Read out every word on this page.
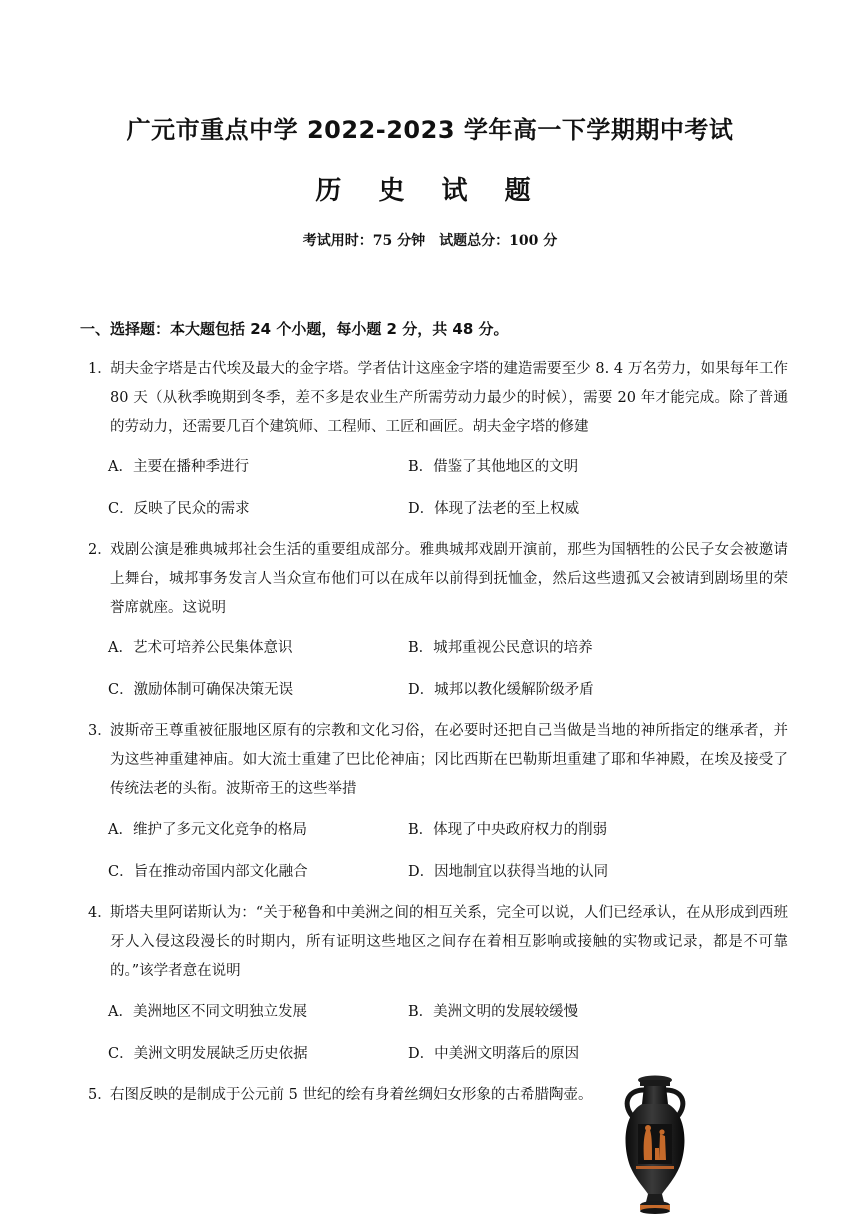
广元市重点中学 2022-2023 学年高一下学期期中考试
历 史 试 题
考试用时：75 分钟　试题总分：100 分
一、选择题：本大题包括 24 个小题，每小题 2 分，共 48 分。
1．
胡夫金字塔是古代埃及最大的金字塔。学者估计这座金字塔的建造需要至少 8. 4 万名劳力，如果每年工作 80 天（从秋季晚期到冬季，差不多是农业生产所需劳动力最少的时候），需要 20 年才能完成。除了普通的劳动力，还需要几百个建筑师、工程师、工匠和画匠。胡夫金字塔的修建
A．主要在播种季进行	B．借鉴了其他地区的文明
C．反映了民众的需求	D．体现了法老的至上权威
2．
戏剧公演是雅典城邦社会生活的重要组成部分。雅典城邦戏剧开演前，那些为国牺牲的公民子女会被邀请上舞台，城邦事务发言人当众宣布他们可以在成年以前得到抚恤金，然后这些遗孤又会被请到剧场里的荣誉席就座。这说明
A．艺术可培养公民集体意识	B．城邦重视公民意识的培养
C．激励体制可确保决策无误	D．城邦以教化缓解阶级矛盾
3．
波斯帝王尊重被征服地区原有的宗教和文化习俗，在必要时还把自己当做是当地的神所指定的继承者，并为这些神重建神庙。如大流士重建了巴比伦神庙；冈比西斯在巴勒斯坦重建了耶和华神殿，在埃及接受了传统法老的头衔。波斯帝王的这些举措
A．维护了多元文化竞争的格局	B．体现了中央政府权力的削弱
C．旨在推动帝国内部文化融合	D．因地制宜以获得当地的认同
4．
斯塔夫里阿诺斯认为：“关于秘鲁和中美洲之间的相互关系，完全可以说，人们已经承认，在从形成到西班牙人入侵这段漫长的时期内，所有证明这些地区之间存在着相互影响或接触的实物或记录，都是不可靠的。”该学者意在说明
A．美洲地区不同文明独立发展	B．美洲文明的发展较缓慢
C．美洲文明发展缺乏历史依据	D．中美洲文明落后的原因
5．
右图反映的是制成于公元前 5 世纪的绘有身着丝绸妇女形象的古希腊陶壶。
